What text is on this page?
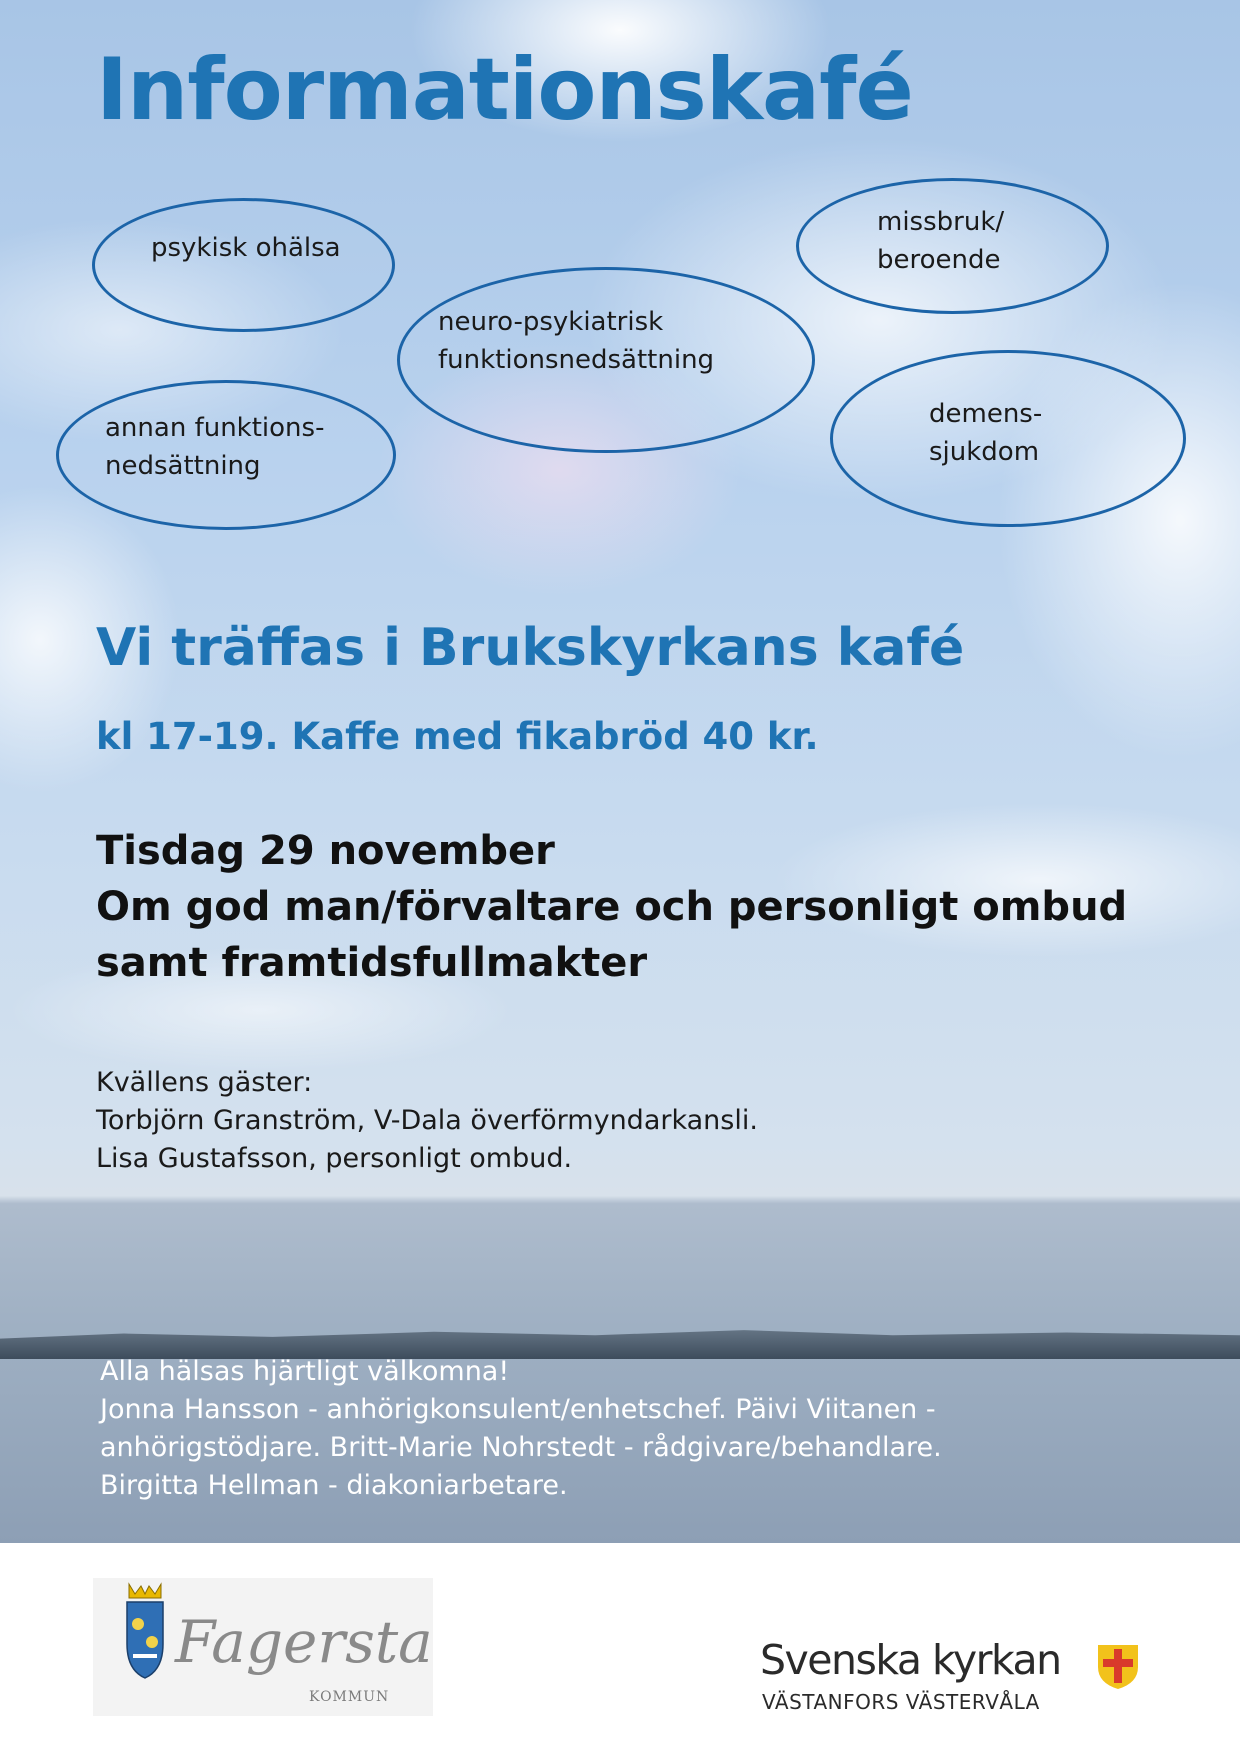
Informationskafé
psykisk ohälsa
missbruk/
beroende
neuro-psykiatrisk
funktionsnedsättning
annan funktions-
nedsättning
demens-
sjukdom
Vi träffas i Brukskyrkans kafé

kl 17-19. Kaffe med fikabröd 40 kr.

Tisdag 29 november
Om god man/förvaltare och personligt ombud
samt framtidsfullmakter
Kvällens gäster:
Torbjörn Granström, V-Dala överförmyndarkansli.
Lisa Gustafsson, personligt ombud.
Alla hälsas hjärtligt välkomna!
Jonna Hansson - anhörigkonsulent/enhetschef. Päivi Viitanen -
anhörigstödjare. Britt-Marie Nohrstedt - rådgivare/behandlare.
Birgitta Hellman - diakoniarbetare.
Fagersta
KOMMUN
Svenska kyrkan
VÄSTANFORS VÄSTERVÅLA
